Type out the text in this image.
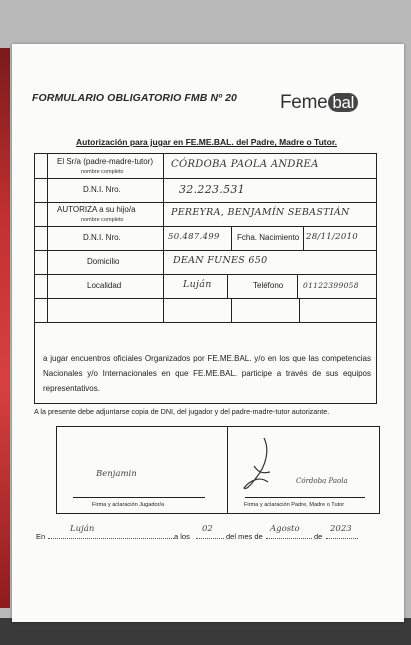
FORMULARIO OBLIGATORIO FMB Nº 20 Feme bal
Autorización para jugar en FE.ME.BAL. del Padre, Madre o Tutor.
El Sr/a (padre-madre-tutor)
nombre completo
CÓRDOBA PAOLA ANDREA
D.N.I. Nro.	32.223.531
AUTORIZA a su hijo/a
nombre completo
PEREYRA, BENJAMÍN SEBASTIÁN
D.N.I. Nro.	50.487.499 Fcha. Nacimiento 28/11/2010
Domicilio	DEAN FUNES 650
Localidad	Luján	Teléfono	01122399058
a jugar encuentros oficiales Organizados por FE.ME.BAL. y/o en los que las competencias Nacionales y/o Internacionales en que FE.ME.BAL. participe a través de sus equipos representativos.
A la presente debe adjuntarse copia de DNI, del jugador y del padre-madre-tutor autorizante.
Firma y aclaración Jugador/a	Firma y aclaración Padre, Madre o Tutor
Benjamin
Córdoba Paola
En
Luján
a los
02
del mes de
Agosto
de
2023
